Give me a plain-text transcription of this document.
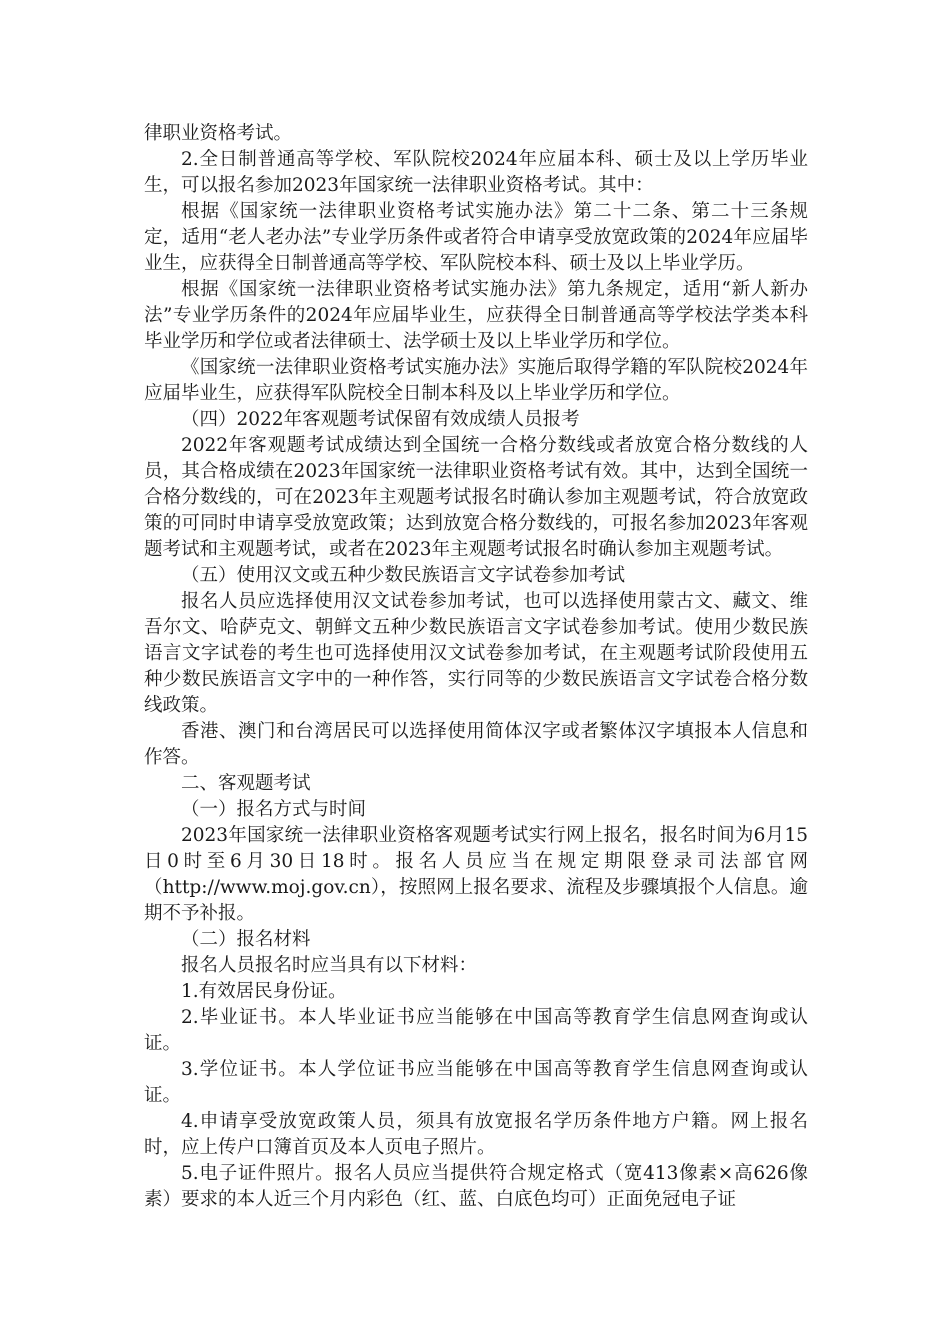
律职业资格考试。

2.全日制普通高等学校、军队院校2024年应届本科、硕士及以上学历毕业生，可以报名参加2023年国家统一法律职业资格考试。其中：

根据《国家统一法律职业资格考试实施办法》第二十二条、第二十三条规定，适用“老人老办法”专业学历条件或者符合申请享受放宽政策的2024年应届毕业生，应获得全日制普通高等学校、军队院校本科、硕士及以上毕业学历。

根据《国家统一法律职业资格考试实施办法》第九条规定，适用“新人新办法”专业学历条件的2024年应届毕业生，应获得全日制普通高等学校法学类本科毕业学历和学位或者法律硕士、法学硕士及以上毕业学历和学位。

《国家统一法律职业资格考试实施办法》实施后取得学籍的军队院校2024年应届毕业生，应获得军队院校全日制本科及以上毕业学历和学位。

（四）2022年客观题考试保留有效成绩人员报考

2022年客观题考试成绩达到全国统一合格分数线或者放宽合格分数线的人员，其合格成绩在2023年国家统一法律职业资格考试有效。其中，达到全国统一合格分数线的，可在2023年主观题考试报名时确认参加主观题考试，符合放宽政策的可同时申请享受放宽政策；达到放宽合格分数线的，可报名参加2023年客观题考试和主观题考试，或者在2023年主观题考试报名时确认参加主观题考试。

（五）使用汉文或五种少数民族语言文字试卷参加考试

报名人员应选择使用汉文试卷参加考试，也可以选择使用蒙古文、藏文、维吾尔文、哈萨克文、朝鲜文五种少数民族语言文字试卷参加考试。使用少数民族语言文字试卷的考生也可选择使用汉文试卷参加考试，在主观题考试阶段使用五种少数民族语言文字中的一种作答，实行同等的少数民族语言文字试卷合格分数线政策。

香港、澳门和台湾居民可以选择使用简体汉字或者繁体汉字填报本人信息和作答。

二、客观题考试

（一）报名方式与时间

2023年国家统一法律职业资格客观题考试实行网上报名，报名时间为6月15日0时至6月30日18时。报名人员应当在规定期限登录司法部官网（http://www.moj.gov.cn），按照网上报名要求、流程及步骤填报个人信息。逾期不予补报。

（二）报名材料

报名人员报名时应当具有以下材料：

1.有效居民身份证。

2.毕业证书。本人毕业证书应当能够在中国高等教育学生信息网查询或认证。

3.学位证书。本人学位证书应当能够在中国高等教育学生信息网查询或认证。

4.申请享受放宽政策人员，须具有放宽报名学历条件地方户籍。网上报名时，应上传户口簿首页及本人页电子照片。

5.电子证件照片。报名人员应当提供符合规定格式（宽413像素×高626像素）要求的本人近三个月内彩色（红、蓝、白底色均可）正面免冠电子证
